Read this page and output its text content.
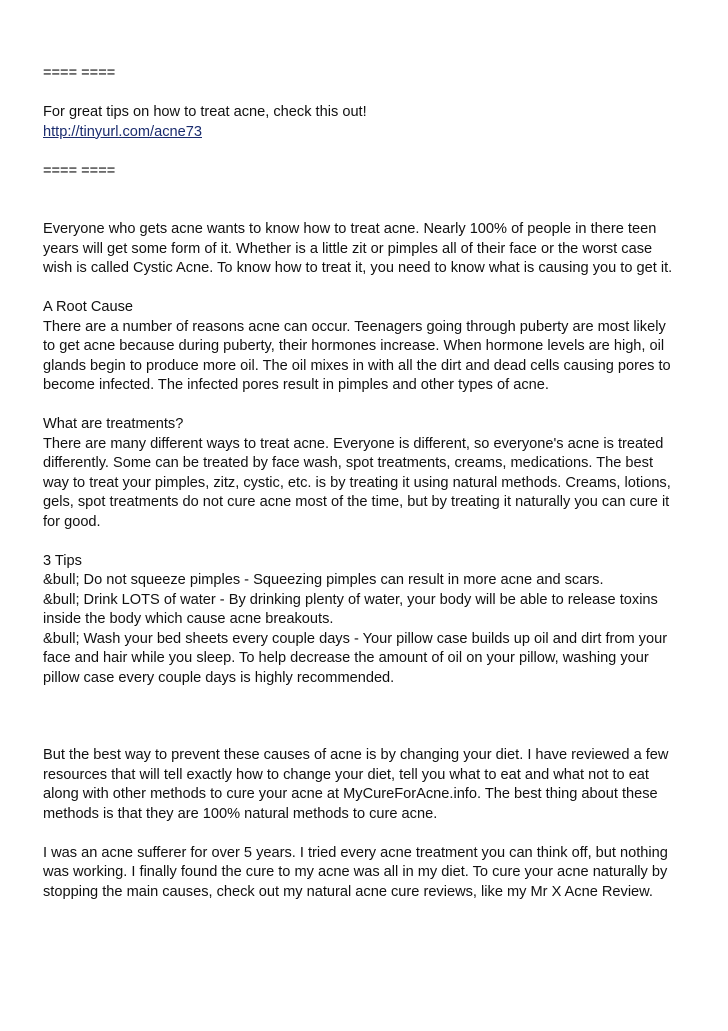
==== ====
For great tips on how to treat acne, check this out!
http://tinyurl.com/acne73
==== ====
Everyone who gets acne wants to know how to treat acne. Nearly 100% of people in there teen
years will get some form of it. Whether is a little zit or pimples all of their face or the worst case
wish is called Cystic Acne. To know how to treat it, you need to know what is causing you to get it.
A Root Cause
There are a number of reasons acne can occur. Teenagers going through puberty are most likely
to get acne because during puberty, their hormones increase. When hormone levels are high, oil
glands begin to produce more oil. The oil mixes in with all the dirt and dead cells causing pores to
become infected. The infected pores result in pimples and other types of acne.
What are treatments?
There are many different ways to treat acne. Everyone is different, so everyone's acne is treated
differently. Some can be treated by face wash, spot treatments, creams, medications. The best
way to treat your pimples, zitz, cystic, etc. is by treating it using natural methods. Creams, lotions,
gels, spot treatments do not cure acne most of the time, but by treating it naturally you can cure it
for good.
3 Tips
&bull; Do not squeeze pimples - Squeezing pimples can result in more acne and scars.
&bull; Drink LOTS of water - By drinking plenty of water, your body will be able to release toxins
inside the body which cause acne breakouts.
&bull; Wash your bed sheets every couple days - Your pillow case builds up oil and dirt from your
face and hair while you sleep. To help decrease the amount of oil on your pillow, washing your
pillow case every couple days is highly recommended.
But the best way to prevent these causes of acne is by changing your diet. I have reviewed a few
resources that will tell exactly how to change your diet, tell you what to eat and what not to eat
along with other methods to cure your acne at MyCureForAcne.info. The best thing about these
methods is that they are 100% natural methods to cure acne.
I was an acne sufferer for over 5 years. I tried every acne treatment you can think off, but nothing
was working. I finally found the cure to my acne was all in my diet. To cure your acne naturally by
stopping the main causes, check out my natural acne cure reviews, like my Mr X Acne Review.
